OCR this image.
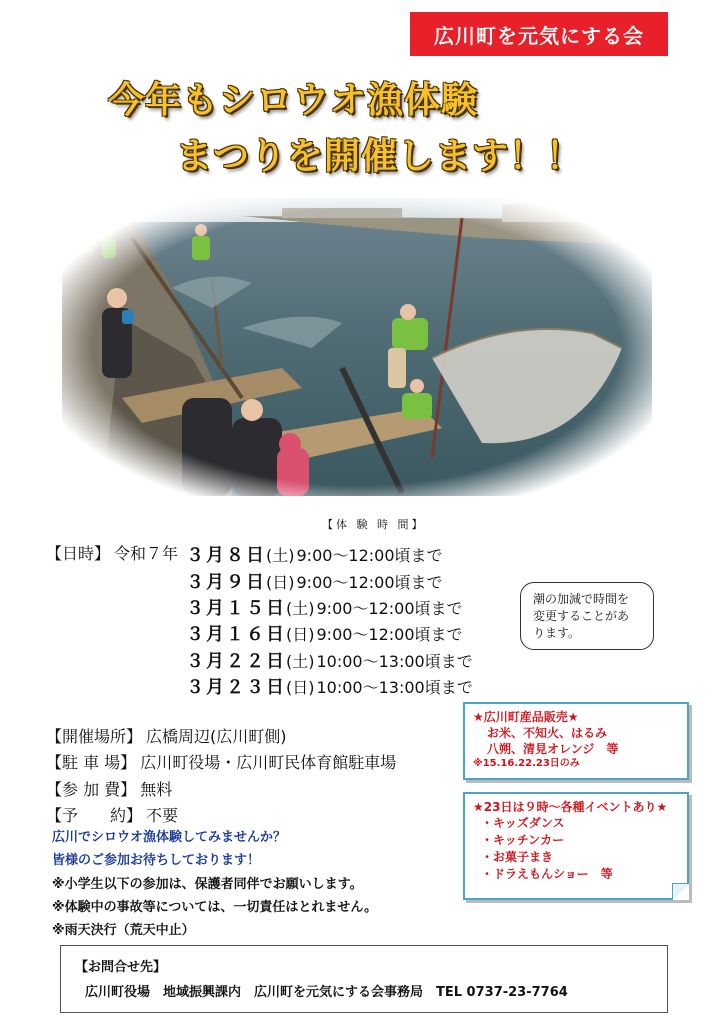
広川町を元気にする会
今年もシロウオ漁体験
まつりを開催します！！
【体 験 時 間】
【日時】 令和７年 ３月８日(土) 9:00～12:00頃まで
３月９日(日) 9:00～12:00頃まで
３月１５日(土) 9:00～12:00頃まで
３月１６日(日) 9:00～12:00頃まで
３月２２日(土) 10:00～13:00頃まで
３月２３日(日) 10:00～13:00頃まで
潮の加減で時間を
変更することがあ
ります。
【開催場所】 広橋周辺(広川町側)
【駐 車 場】 広川町役場・広川町民体育館駐車場
【参 加 費】 無料
【予　　約】 不要
広川でシロウオ漁体験してみませんか？
皆様のご参加お待ちしております！
※小学生以下の参加は、保護者同伴でお願いします。
※体験中の事故等については、一切責任はとれません。
※雨天決行（荒天中止）
★広川町産品販売★
お米、不知火、はるみ
八朔、清見オレンジ　等
※15.16.22.23日のみ
★23日は９時～各種イベントあり★
・キッズダンス
・キッチンカー
・お菓子まき
・ドラえもんショー　等
【お問合せ先】
広川町役場　地域振興課内　広川町を元気にする会事務局　TEL 0737-23-7764
